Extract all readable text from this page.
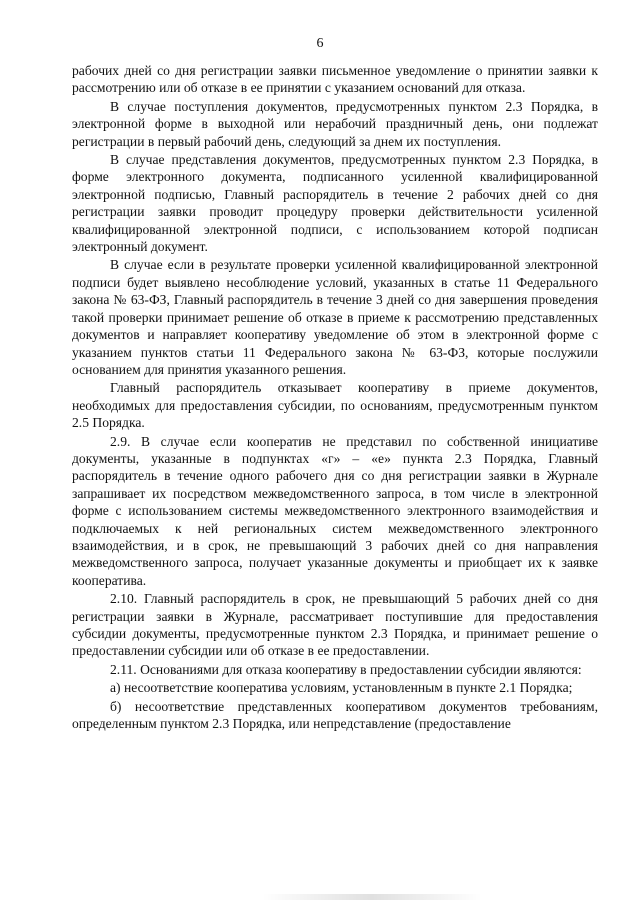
6

рабочих дней со дня регистрации заявки письменное уведомление о принятии заявки к рассмотрению или об отказе в ее принятии с указанием оснований для отказа.

В случае поступления документов, предусмотренных пунктом 2.3 Порядка, в электронной форме в выходной или нерабочий праздничный день, они подлежат регистрации в первый рабочий день, следующий за днем их поступления.

В случае представления документов, предусмотренных пунктом 2.3 Порядка, в форме электронного документа, подписанного усиленной квалифицированной электронной подписью, Главный распорядитель в течение 2 рабочих дней со дня регистрации заявки проводит процедуру проверки действительности усиленной квалифицированной электронной подписи, с использованием которой подписан электронный документ.

В случае если в результате проверки усиленной квалифицированной электронной подписи будет выявлено несоблюдение условий, указанных в статье 11 Федерального закона № 63-ФЗ, Главный распорядитель в течение 3 дней со дня завершения проведения такой проверки принимает решение об отказе в приеме к рассмотрению представленных документов и направляет кооперативу уведомление об этом в электронной форме с указанием пунктов статьи 11 Федерального закона № 63-ФЗ, которые послужили основанием для принятия указанного решения.

Главный распорядитель отказывает кооперативу в приеме документов, необходимых для предоставления субсидии, по основаниям, предусмотренным пунктом 2.5 Порядка.

2.9. В случае если кооператив не представил по собственной инициативе документы, указанные в подпунктах «г» – «е» пункта 2.3 Порядка, Главный распорядитель в течение одного рабочего дня со дня регистрации заявки в Журнале запрашивает их посредством межведомственного запроса, в том числе в электронной форме с использованием системы межведомственного электронного взаимодействия и подключаемых к ней региональных систем межведомственного электронного взаимодействия, и в срок, не превышающий 3 рабочих дней со дня направления межведомственного запроса, получает указанные документы и приобщает их к заявке кооператива.

2.10. Главный распорядитель в срок, не превышающий 5 рабочих дней со дня регистрации заявки в Журнале, рассматривает поступившие для предоставления субсидии документы, предусмотренные пунктом 2.3 Порядка, и принимает решение о предоставлении субсидии или об отказе в ее предоставлении.

2.11. Основаниями для отказа кооперативу в предоставлении субсидии являются:

а) несоответствие кооператива условиям, установленным в пункте 2.1 Порядка;

б) несоответствие представленных кооперативом документов требованиям, определенным пунктом 2.3 Порядка, или непредставление (предоставление
